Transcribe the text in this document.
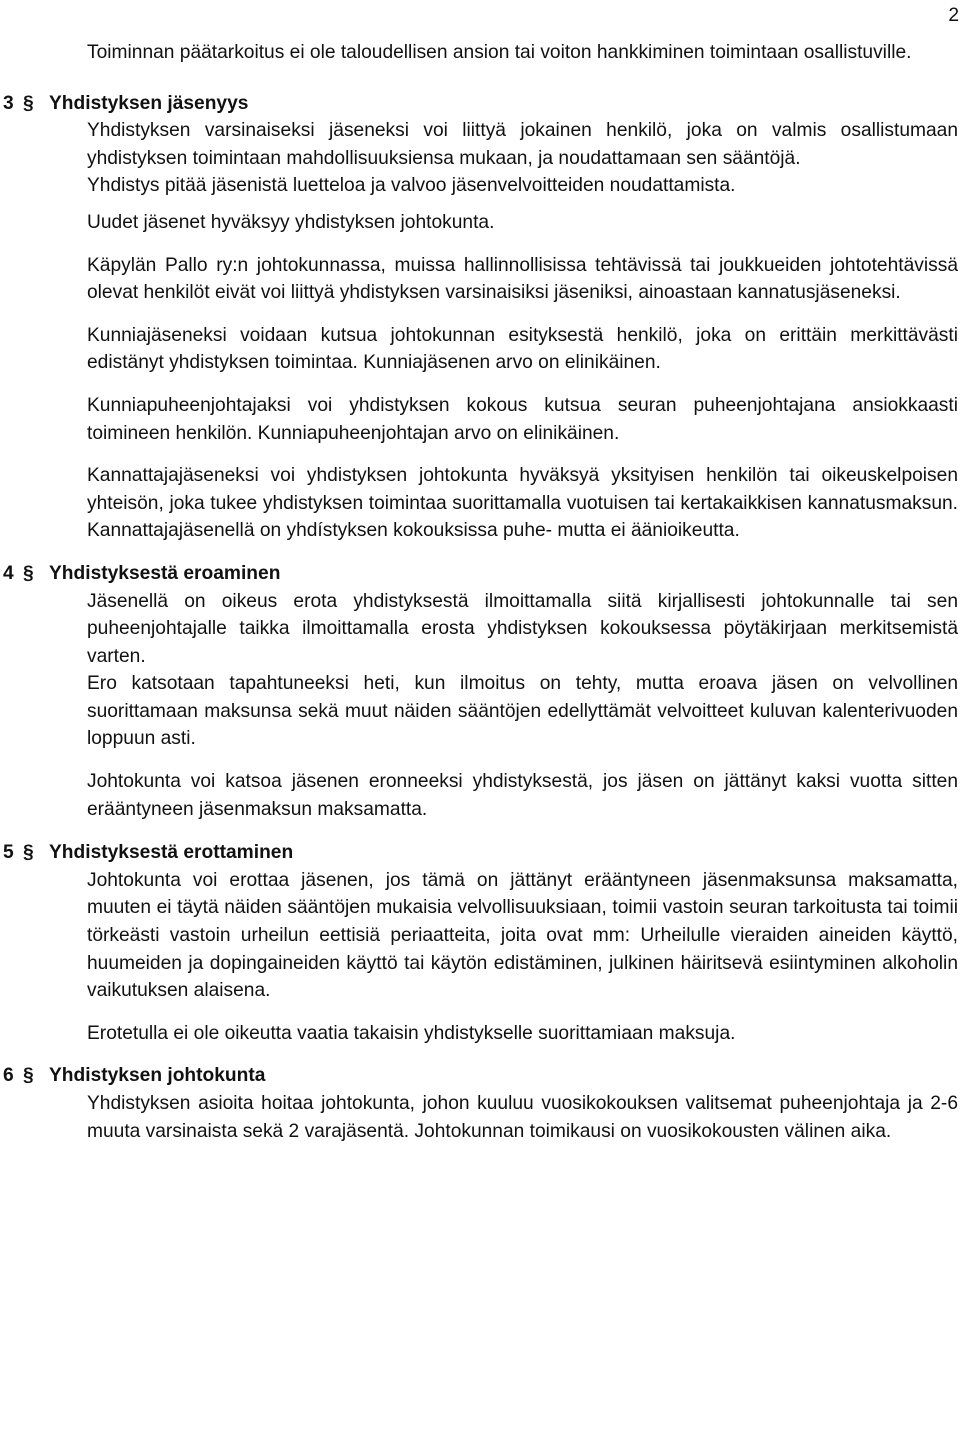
2

Toiminnan päätarkoitus ei ole taloudellisen ansion tai voiton hankkiminen toimintaan osallistuville.

3 § Yhdistyksen jäsenyys

Yhdistyksen varsinaiseksi jäseneksi voi liittyä jokainen henkilö, joka on valmis osallistumaan yhdistyksen toimintaan mahdollisuuksiensa mukaan, ja noudattamaan sen sääntöjä.

Yhdistys pitää jäsenistä luetteloa ja valvoo jäsenvelvoitteiden noudattamista.

Uudet jäsenet hyväksyy yhdistyksen johtokunta.

Käpylän Pallo ry:n johtokunnassa, muissa hallinnollisissa tehtävissä tai joukkueiden johtotehtävissä olevat henkilöt eivät voi liittyä yhdistyksen varsinaisiksi jäseniksi, ainoastaan kannatusjäseneksi.

Kunniajäseneksi voidaan kutsua johtokunnan esityksestä henkilö, joka on erittäin merkittävästi edistänyt yhdistyksen toimintaa. Kunniajäsenen arvo on elinikäinen.

Kunniapuheenjohtajaksi voi yhdistyksen kokous kutsua seuran puheenjohtajana ansiokkaasti toimineen henkilön. Kunniapuheenjohtajan arvo on elinikäinen.

Kannattajajäseneksi voi yhdistyksen johtokunta hyväksyä yksityisen henkilön tai oikeuskelpoisen yhteisön, joka tukee yhdistyksen toimintaa suorittamalla vuotuisen tai kertakaikkisen kannatusmaksun. Kannattajajäsenellä on yhdístyksen kokouksissa puhe- mutta ei äänioikeutta.

4 § Yhdistyksestä eroaminen

Jäsenellä on oikeus erota yhdistyksestä ilmoittamalla siitä kirjallisesti johtokunnalle tai sen puheenjohtajalle taikka ilmoittamalla erosta yhdistyksen kokouksessa pöytäkirjaan merkitsemistä varten.

Ero katsotaan tapahtuneeksi heti, kun ilmoitus on tehty, mutta eroava jäsen on velvollinen suorittamaan maksunsa sekä muut näiden sääntöjen edellyttämät velvoitteet kuluvan kalenterivuoden loppuun asti.

Johtokunta voi katsoa jäsenen eronneeksi yhdistyksestä, jos jäsen on jättänyt kaksi vuotta sitten erääntyneen jäsenmaksun maksamatta.

5 § Yhdistyksestä erottaminen

Johtokunta voi erottaa jäsenen, jos tämä on jättänyt erääntyneen jäsenmaksunsa maksamatta, muuten ei täytä näiden sääntöjen mukaisia velvollisuuksiaan, toimii vastoin seuran tarkoitusta tai toimii törkeästi vastoin urheilun eettisiä periaatteita, joita ovat mm: Urheilulle vieraiden aineiden käyttö, huumeiden ja dopingaineiden käyttö tai käytön edistäminen, julkinen häiritsevä esiintyminen alkoholin vaikutuksen alaisena.

Erotetulla ei ole oikeutta vaatia takaisin yhdistykselle suorittamiaan maksuja.

6 § Yhdistyksen johtokunta

Yhdistyksen asioita hoitaa johtokunta, johon kuuluu vuosikokouksen valitsemat puheenjohtaja ja 2-6 muuta varsinaista sekä 2 varajäsentä. Johtokunnan toimikausi on vuosikokousten välinen aika.
